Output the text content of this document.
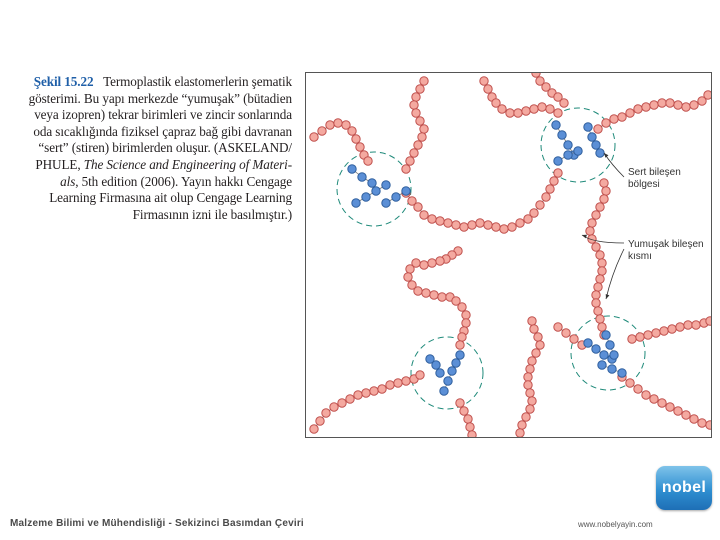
Şekil 15.22 Termoplastik elastomerlerin şematik
gösterimi. Bu yapı merkezde “yumuşak” (bütadien
veya izopren) tekrar birimleri ve zincir sonlarında
oda sıcaklığında fiziksel çapraz bağ gibi davranan
“sert” (stiren) birimlerden oluşur. (ASKELAND/
PHULE, The Science and Engineering of Materi-
als, 5th edition (2006). Yayın hakkı Cengage
Learning Firmasına ait olup Cengage Learning
Firmasının izni ile basılmıştır.)
Sert bileşen
bölgesi
Yumuşak bileşen
kısmı
Malzeme Bilimi ve Mühendisliği - Sekizinci Basımdan Çeviri	www.nobelyayin.com
nobel
